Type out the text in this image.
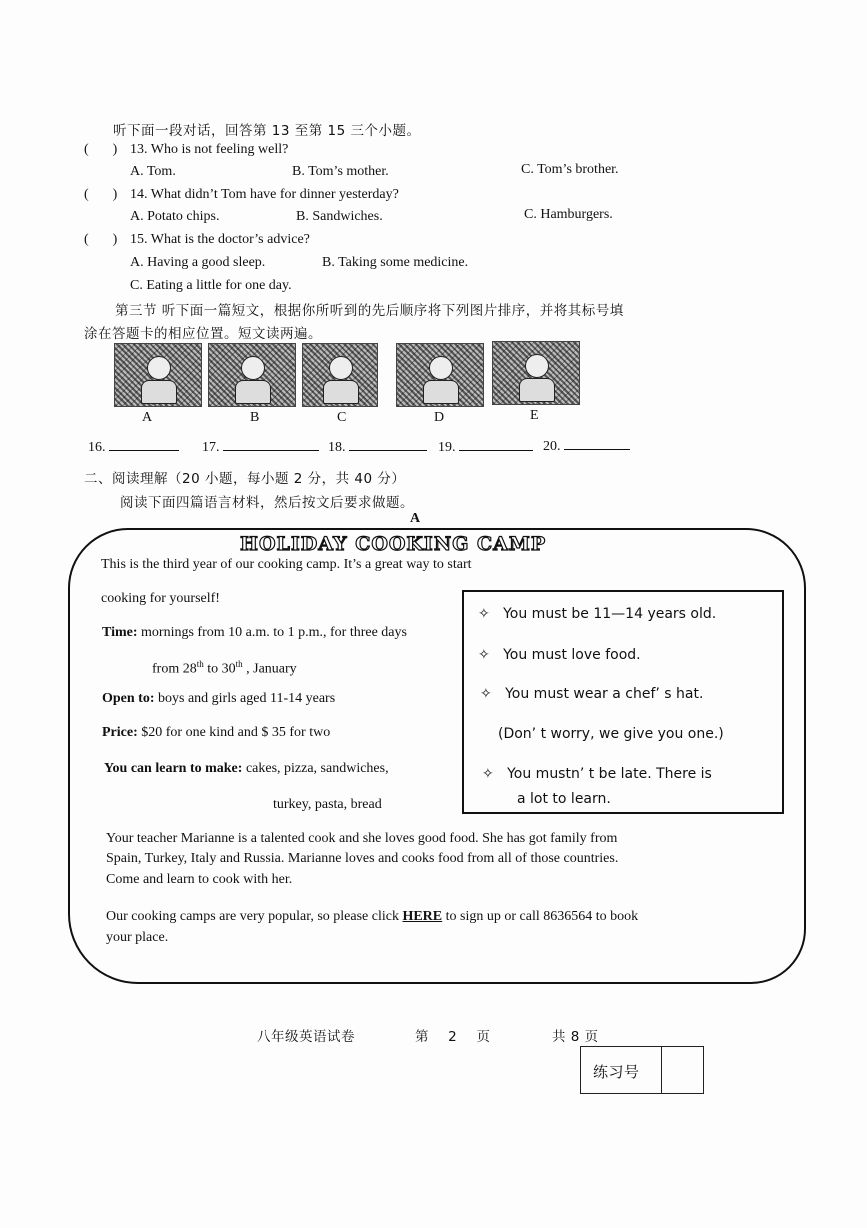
听下面一段对话，回答第 13 至第 15 三个小题。
( ) 13. Who is not feeling well?
A. Tom.	B. Tom’s mother.	C. Tom’s brother.
( ) 14. What didn’t Tom have for dinner yesterday?
A. Potato chips.	B. Sandwiches.	C. Hamburgers.
( ) 15. What is the doctor’s advice?
A. Having a good sleep.	B. Taking some medicine.
C. Eating a little for one day.
第三节 听下面一篇短文，根据你所听到的先后顺序将下列图片排序，并将其标号填
涂在答题卡的相应位置。短文读两遍。
A	B	C	D	E
16.	17.	18.	19.	20.
二、阅读理解（20 小题，每小题 2 分，共 40 分）
阅读下面四篇语言材料，然后按文后要求做题。
A
HOLIDAY COOKING CAMP
This is the third year of our cooking camp. It’s a great way to start
cooking for yourself!
Time: mornings from 10 a.m. to 1 p.m., for three days
from 28th to 30th , January
Open to: boys and girls aged 11-14 years
Price: $20 for one kind and $ 35 for two
You can learn to make: cakes, pizza, sandwiches,
turkey, pasta, bread
✧ You must be 11—14 years old.
✧ You must love food.
✧ You must wear a chef’ s hat.
(Don’ t worry, we give you one.)
✧ You mustn’ t be late. There is
a lot to learn.
Your teacher Marianne is a talented cook and she loves good food. She has got family from
Spain, Turkey, Italy and Russia. Marianne loves and cooks food from all of those countries.
Come and learn to cook with her.
Our cooking camps are very popular, so please click HERE to sign up or call 8636564 to book
your place.
八年级英语试卷	第 2 页	共 8 页
练习号
